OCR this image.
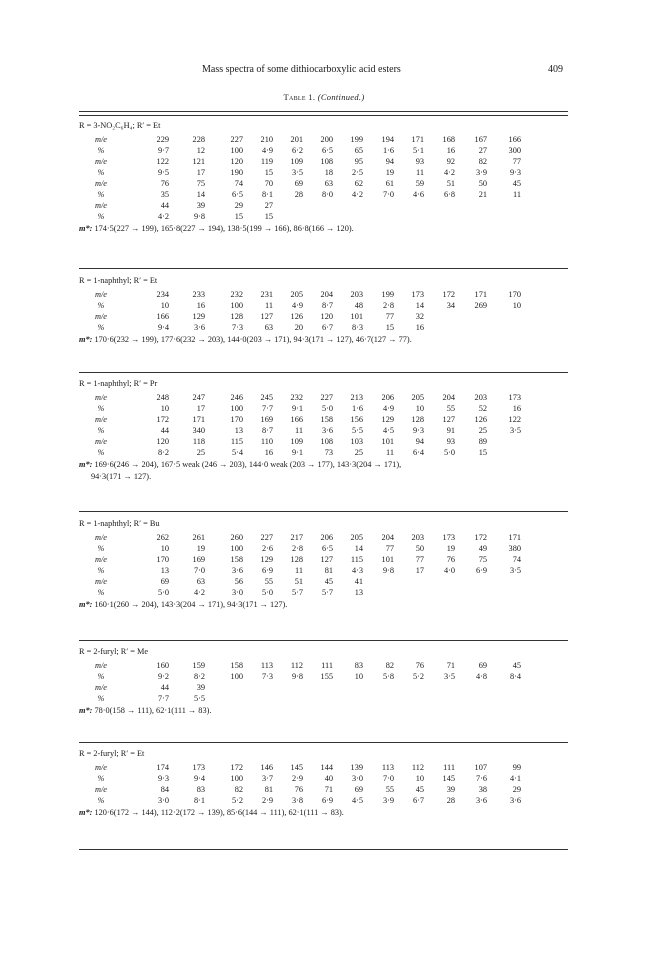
Mass spectra of some dithiocarboxylic acid esters	409
Table 1. (Continued.)
R = 3-NO₂C₆H₄; R′ = Et
m/e	229	228	227	210	201	200	199	194	171	168	167	166
%	9·7	12	100	4·9	6·2	6·5	65	1·6	5·1	16	27	300
m/e	122	121	120	119	109	108	95	94	93	92	82	77
%	9·5	17	190	15	3·5	18	2·5	19	11	4·2	3·9	9·3
m/e	76	75	74	70	69	63	62	61	59	51	50	45
%	35	14	6·5	8·1	28	8·0	4·2	7·0	4·6	6·8	21	11
m/e	44	39	29	27
%	4·2	9·8	15	15
m*: 174·5(227 → 199), 165·8(227 → 194), 138·5(199 → 166), 86·8(166 → 120).
R = 1-naphthyl; R′ = Et
m/e	234	233	232	231	205	204	203	199	173	172	171	170
%	10	16	100	11	4·9	8·7	48	2·8	14	34	269	10
m/e	166	129	128	127	126	120	101	77	32
%	9·4	3·6	7·3	63	20	6·7	8·3	15	16
m*: 170·6(232 → 199), 177·6(232 → 203), 144·0(203 → 171), 94·3(171 → 127), 46·7(127 → 77).
R = 1-naphthyl; R′ = Pr
m/e	248	247	246	245	232	227	213	206	205	204	203	173
%	10	17	100	7·7	9·1	5·0	1·6	4·9	10	55	52	16
m/e	172	171	170	169	166	158	156	129	128	127	126	122
%	44	340	13	8·7	11	3·6	5·5	4·5	9·3	91	25	3·5
m/e	120	118	115	110	109	108	103	101	94	93	89
%	8·2	25	5·4	16	9·1	73	25	11	6·4	5·0	15
m*: 169·6(246 → 204), 167·5 weak (246 → 203), 144·0 weak (203 → 177), 143·3(204 → 171),
94·3(171 → 127).
R = 1-naphthyl; R′ = Bu
m/e	262	261	260	227	217	206	205	204	203	173	172	171
%	10	19	100	2·6	2·8	6·5	14	77	50	19	49	380
m/e	170	169	158	129	128	127	115	101	77	76	75	74
%	13	7·0	3·6	6·9	11	81	4·3	9·8	17	4·0	6·9	3·5
m/e	69	63	56	55	51	45	41
%	5·0	4·2	3·0	5·0	5·7	5·7	13
m*: 160·1(260 → 204), 143·3(204 → 171), 94·3(171 → 127).
R = 2-furyl; R′ = Me
m/e	160	159	158	113	112	111	83	82	76	71	69	45
%	9·2	8·2	100	7·3	9·8	155	10	5·8	5·2	3·5	4·8	8·4
m/e	44	39
%	7·7	5·5
m*: 78·0(158 → 111), 62·1(111 → 83).
R = 2-furyl; R′ = Et
m/e	174	173	172	146	145	144	139	113	112	111	107	99
%	9·3	9·4	100	3·7	2·9	40	3·0	7·0	10	145	7·6	4·1
m/e	84	83	82	81	76	71	69	55	45	39	38	29
%	3·0	8·1	5·2	2·9	3·8	6·9	4·5	3·9	6·7	28	3·6	3·6
m*: 120·6(172 → 144), 112·2(172 → 139), 85·6(144 → 111), 62·1(111 → 83).
